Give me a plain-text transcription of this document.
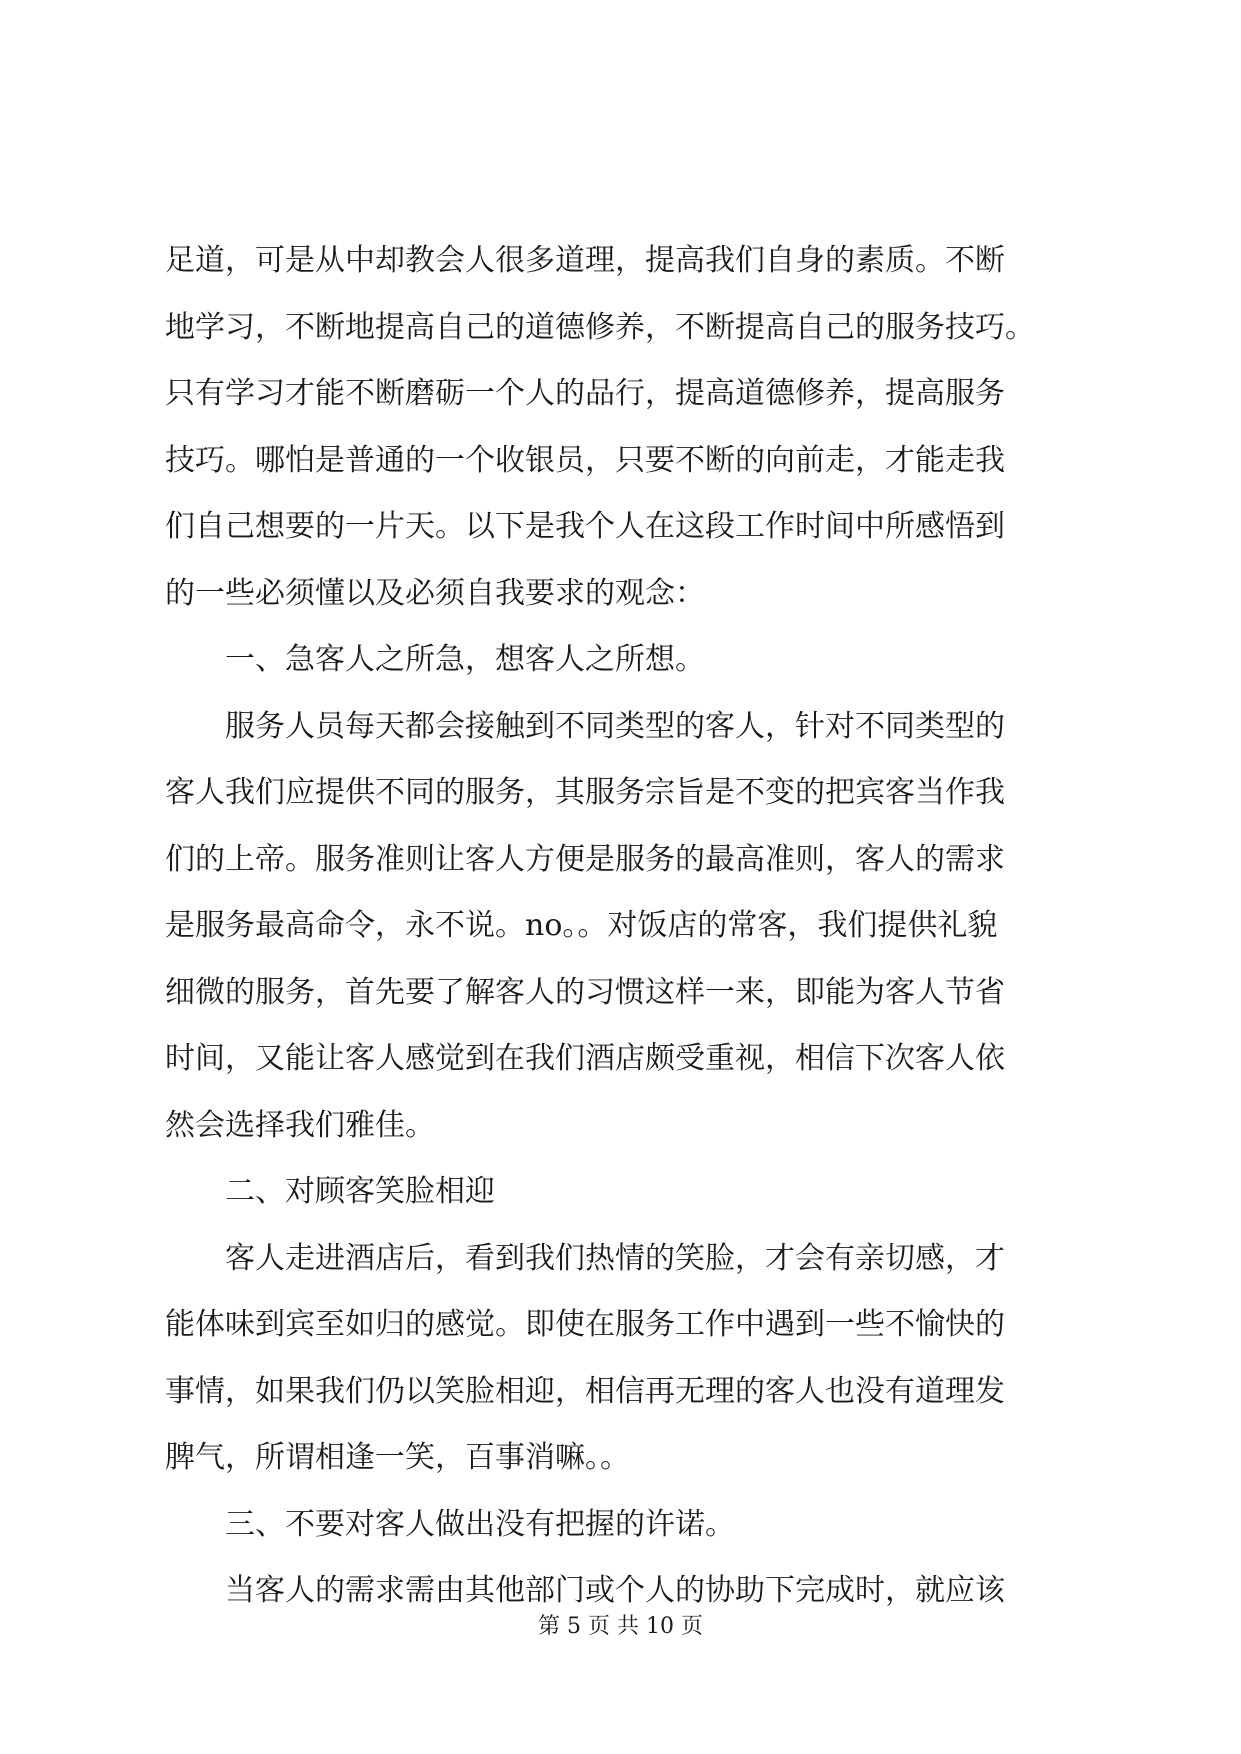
足道，可是从中却教会人很多道理，提高我们自身的素质。不断
地学习，不断地提高自己的道德修养，不断提高自己的服务技巧。
只有学习才能不断磨砺一个人的品行，提高道德修养，提高服务
技巧。哪怕是普通的一个收银员，只要不断的向前走，才能走我
们自己想要的一片天。以下是我个人在这段工作时间中所感悟到
的一些必须懂以及必须自我要求的观念：
　　一、急客人之所急，想客人之所想。
　　服务人员每天都会接触到不同类型的客人，针对不同类型的
客人我们应提供不同的服务，其服务宗旨是不变的把宾客当作我
们的上帝。服务准则让客人方便是服务的最高准则，客人的需求
是服务最高命令，永不说。no。。对饭店的常客，我们提供礼貌
细微的服务，首先要了解客人的习惯这样一来，即能为客人节省
时间，又能让客人感觉到在我们酒店颇受重视，相信下次客人依
然会选择我们雅佳。
　　二、对顾客笑脸相迎
　　客人走进酒店后，看到我们热情的笑脸，才会有亲切感，才
能体味到宾至如归的感觉。即使在服务工作中遇到一些不愉快的
事情，如果我们仍以笑脸相迎，相信再无理的客人也没有道理发
脾气，所谓相逢一笑，百事消嘛。。
　　三、不要对客人做出没有把握的许诺。
　　当客人的需求需由其他部门或个人的协助下完成时，就应该
第 5 页 共 10 页
